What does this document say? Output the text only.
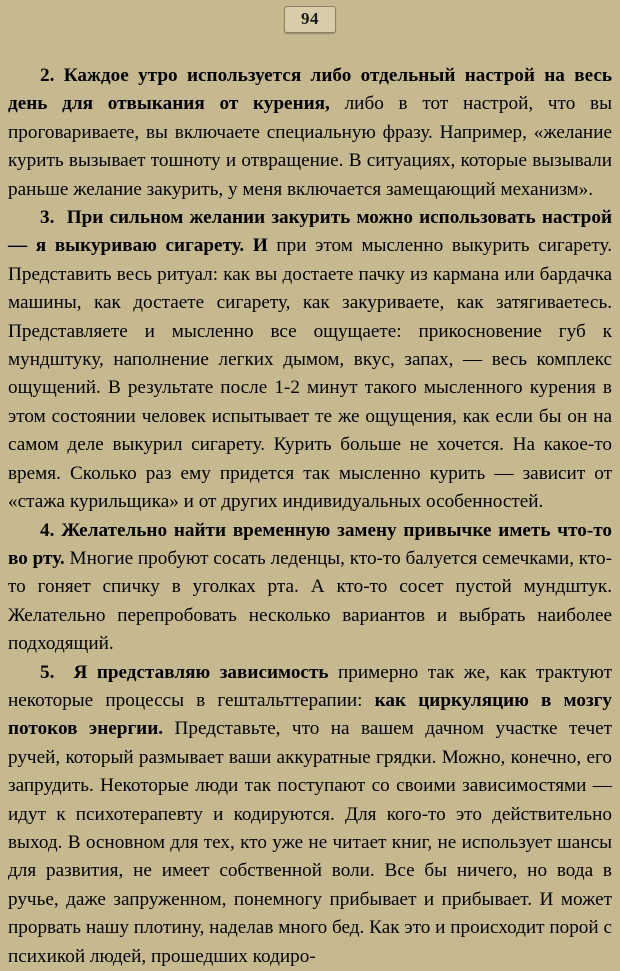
94

2. Каждое утро используется либо отдельный настрой на весь день для отвыкания от курения, либо в тот настрой, что вы проговариваете, вы включаете специальную фразу. Например, «желание курить вызывает тошноту и отвращение. В ситуациях, которые вызывали раньше желание закурить, у меня включается замещающий механизм».

3. При сильном желании закурить можно использовать настрой — я выкуриваю сигарету. И при этом мысленно выкурить сигарету. Представить весь ритуал: как вы достаете пачку из кармана или бардачка машины, как достаете сигарету, как закуриваете, как затягиваетесь. Представляете и мысленно все ощущаете: прикосновение губ к мундштуку, наполнение легких дымом, вкус, запах, — весь комплекс ощущений. В результате после 1-2 минут такого мысленного курения в этом состоянии человек испытывает те же ощущения, как если бы он на самом деле выкурил сигарету. Курить больше не хочется. На какое-то время. Сколько раз ему придется так мысленно курить — зависит от «стажа курильщика» и от других индивидуальных особенностей.

4. Желательно найти временную замену привычке иметь что-то во рту. Многие пробуют сосать леденцы, кто-то балуется семечками, кто-то гоняет спичку в уголках рта. А кто-то сосет пустой мундштук. Желательно перепробовать несколько вариантов и выбрать наиболее подходящий.

5. Я представляю зависимость примерно так же, как трактуют некоторые процессы в гештальттерапии: как циркуляцию в мозгу потоков энергии. Представьте, что на вашем дачном участке течет ручей, который размывает ваши аккуратные грядки. Можно, конечно, его запрудить. Некоторые люди так поступают со своими зависимостями — идут к психотерапевту и кодируются. Для кого-то это действительно выход. В основном для тех, кто уже не читает книг, не использует шансы для развития, не имеет собственной воли. Все бы ничего, но вода в ручье, даже запруженном, понемногу прибывает и прибывает. И может прорвать нашу плотину, наделав много бед. Как это и происходит порой с психикой людей, прошедших кодиро-
